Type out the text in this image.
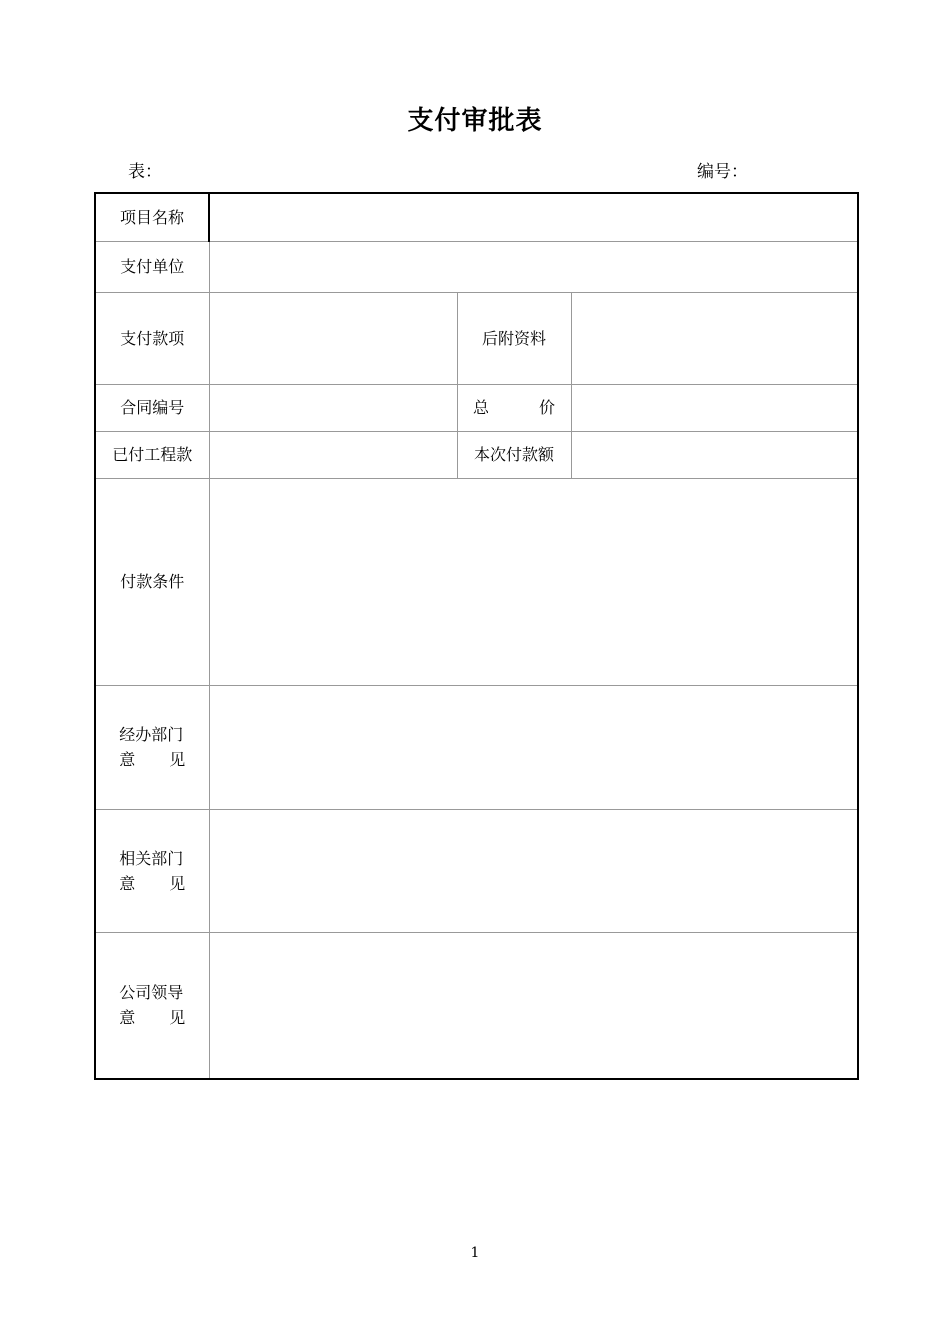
支付审批表
表：	编号：
项目名称			
支付单位			
支付款项		后附资料	
合同编号		总 价	

已付工程款		本次付款额	
付款条件			
经办部门

意 见			

相关部门

意 见			

公司领导

意 见			

1
